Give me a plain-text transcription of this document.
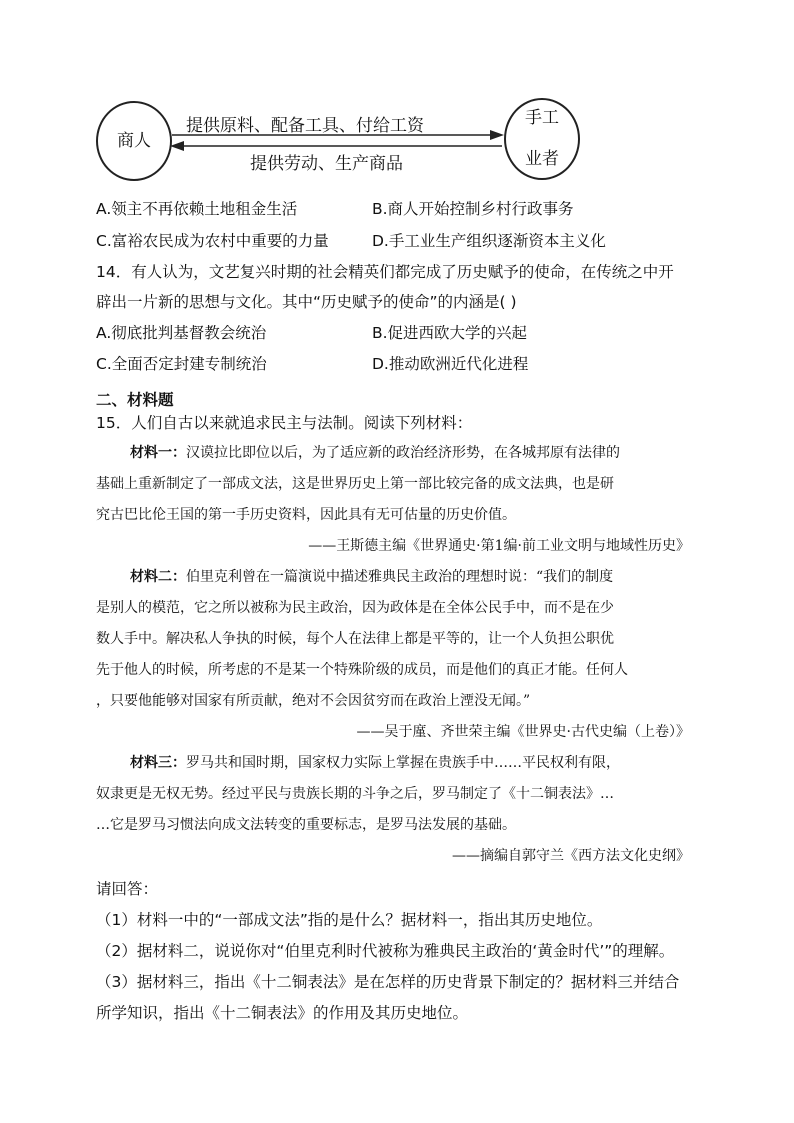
商人
提供原料、配备工具、付给工资
提供劳动、生产商品
手工

业者
A.领主不再依赖土地租金生活	B.商人开始控制乡村行政事务
C.富裕农民成为农村中重要的力量	D.手工业生产组织逐渐资本主义化
14．有人认为，文艺复兴时期的社会精英们都完成了历史赋予的使命，在传统之中开
辟出一片新的思想与文化。其中“历史赋予的使命”的内涵是( )
A.彻底批判基督教会统治	B.促进西欧大学的兴起
C.全面否定封建专制统治	D.推动欧洲近代化进程
二、材料题
15．人们自古以来就追求民主与法制。阅读下列材料：
材料一：汉谟拉比即位以后，为了适应新的政治经济形势，在各城邦原有法律的
基础上重新制定了一部成文法，这是世界历史上第一部比较完备的成文法典，也是研
究古巴比伦王国的第一手历史资料，因此具有无可估量的历史价值。
——王斯德主编《世界通史·第1编·前工业文明与地域性历史》
材料二：伯里克利曾在一篇演说中描述雅典民主政治的理想时说：“我们的制度
是别人的模范，它之所以被称为民主政治，因为政体是在全体公民手中，而不是在少
数人手中。解决私人争执的时候，每个人在法律上都是平等的，让一个人负担公职优
先于他人的时候，所考虑的不是某一个特殊阶级的成员，而是他们的真正才能。任何人
，只要他能够对国家有所贡献，绝对不会因贫穷而在政治上湮没无闻。”
——吴于廑、齐世荣主编《世界史·古代史编（上卷）》
材料三：罗马共和国时期，国家权力实际上掌握在贵族手中……平民权利有限，
奴隶更是无权无势。经过平民与贵族长期的斗争之后，罗马制定了《十二铜表法》…
…它是罗马习惯法向成文法转变的重要标志，是罗马法发展的基础。
——摘编自郭守兰《西方法文化史纲》
请回答：
（1）材料一中的“一部成文法”指的是什么？据材料一，指出其历史地位。
（2）据材料二，说说你对“伯里克利时代被称为雅典民主政治的‘黄金时代’”的理解。
（3）据材料三，指出《十二铜表法》是在怎样的历史背景下制定的？据材料三并结合
所学知识，指出《十二铜表法》的作用及其历史地位。
